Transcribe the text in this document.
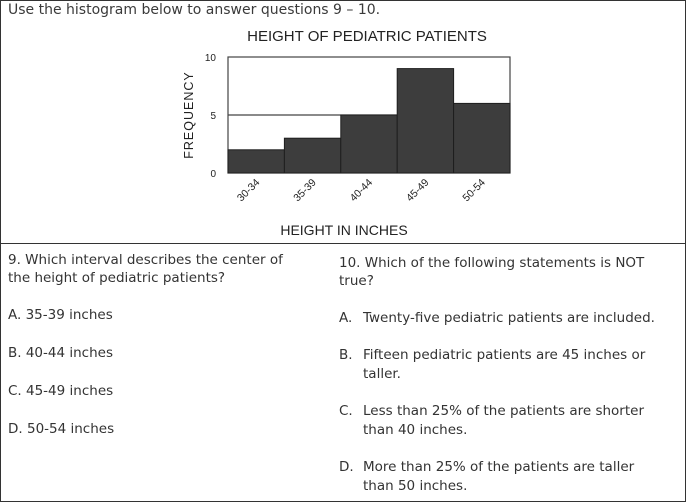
Use the histogram below to answer questions 9 – 10.
HEIGHT OF PEDIATRIC PATIENTS
FREQUENCY
HEIGHT IN INCHES
0
5
10
30-34	35-39	40-44	45-49	50-54
9. Which interval describes the center of
the height of pediatric patients?
A. 35-39 inches
B. 40-44 inches
C. 45-49 inches
D. 50-54 inches
10. Which of the following statements is NOT
true?
A. Twenty-five pediatric patients are included.
B. Fifteen pediatric patients are 45 inches or
taller.
C. Less than 25% of the patients are shorter
than 40 inches.
D. More than 25% of the patients are taller
than 50 inches.
